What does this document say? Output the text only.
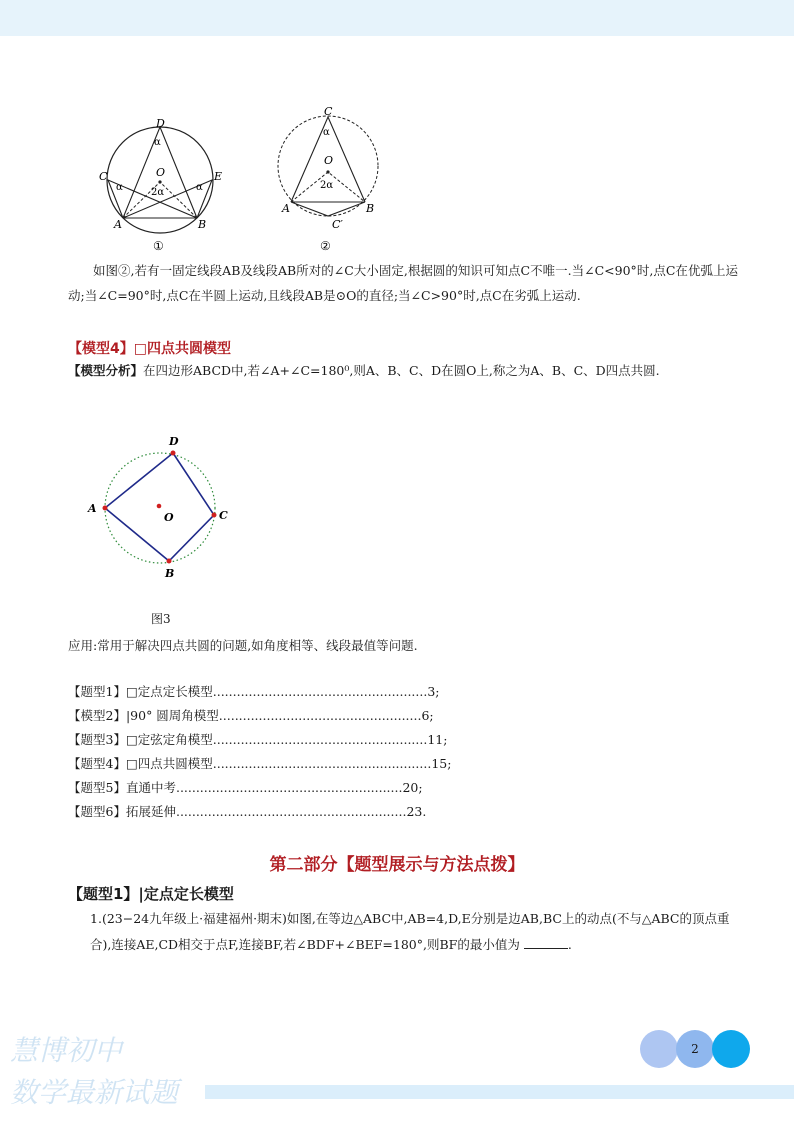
D
C	E
O
A	B
α
α	α
2α
①
C
O
A	B
C′
α
2α
②
如图②,若有一固定线段AB及线段AB所对的∠C大小固定,根据圆的知识可知点C不唯一.当∠C<90°时,点C在优弧上运动;当∠C=90°时,点C在半圆上运动,且线段AB是⊙O的直径;当∠C>90°时,点C在劣弧上运动.
【模型4】□四点共圆模型
【模型分析】在四边形ABCD中,若∠A+∠C=180⁰,则A、B、C、D在圆O上,称之为A、B、C、D四点共圆.
D
C
B
A
O
图3
应用:常用于解决四点共圆的问题,如角度相等、线段最值等问题.
【题型1】□定点定长模型......................................................3;
【模型2】|90° 圆周角模型...................................................6;
【题型3】□定弦定角模型......................................................11;
【题型4】□四点共圆模型.......................................................15;
【题型5】直通中考.........................................................20;
【题型6】拓展延伸..........................................................23.
第二部分【题型展示与方法点拨】
【题型1】|定点定长模型
1.(23−24九年级上·福建福州·期末)如图,在等边△ABC中,AB=4,D,E分别是边AB,BC上的动点(不与△ABC的顶点重合),连接AE,CD相交于点F,连接BF,若∠BDF+∠BEF=180°,则BF的最小值为	.
慧博初中
数学最新试题
2
